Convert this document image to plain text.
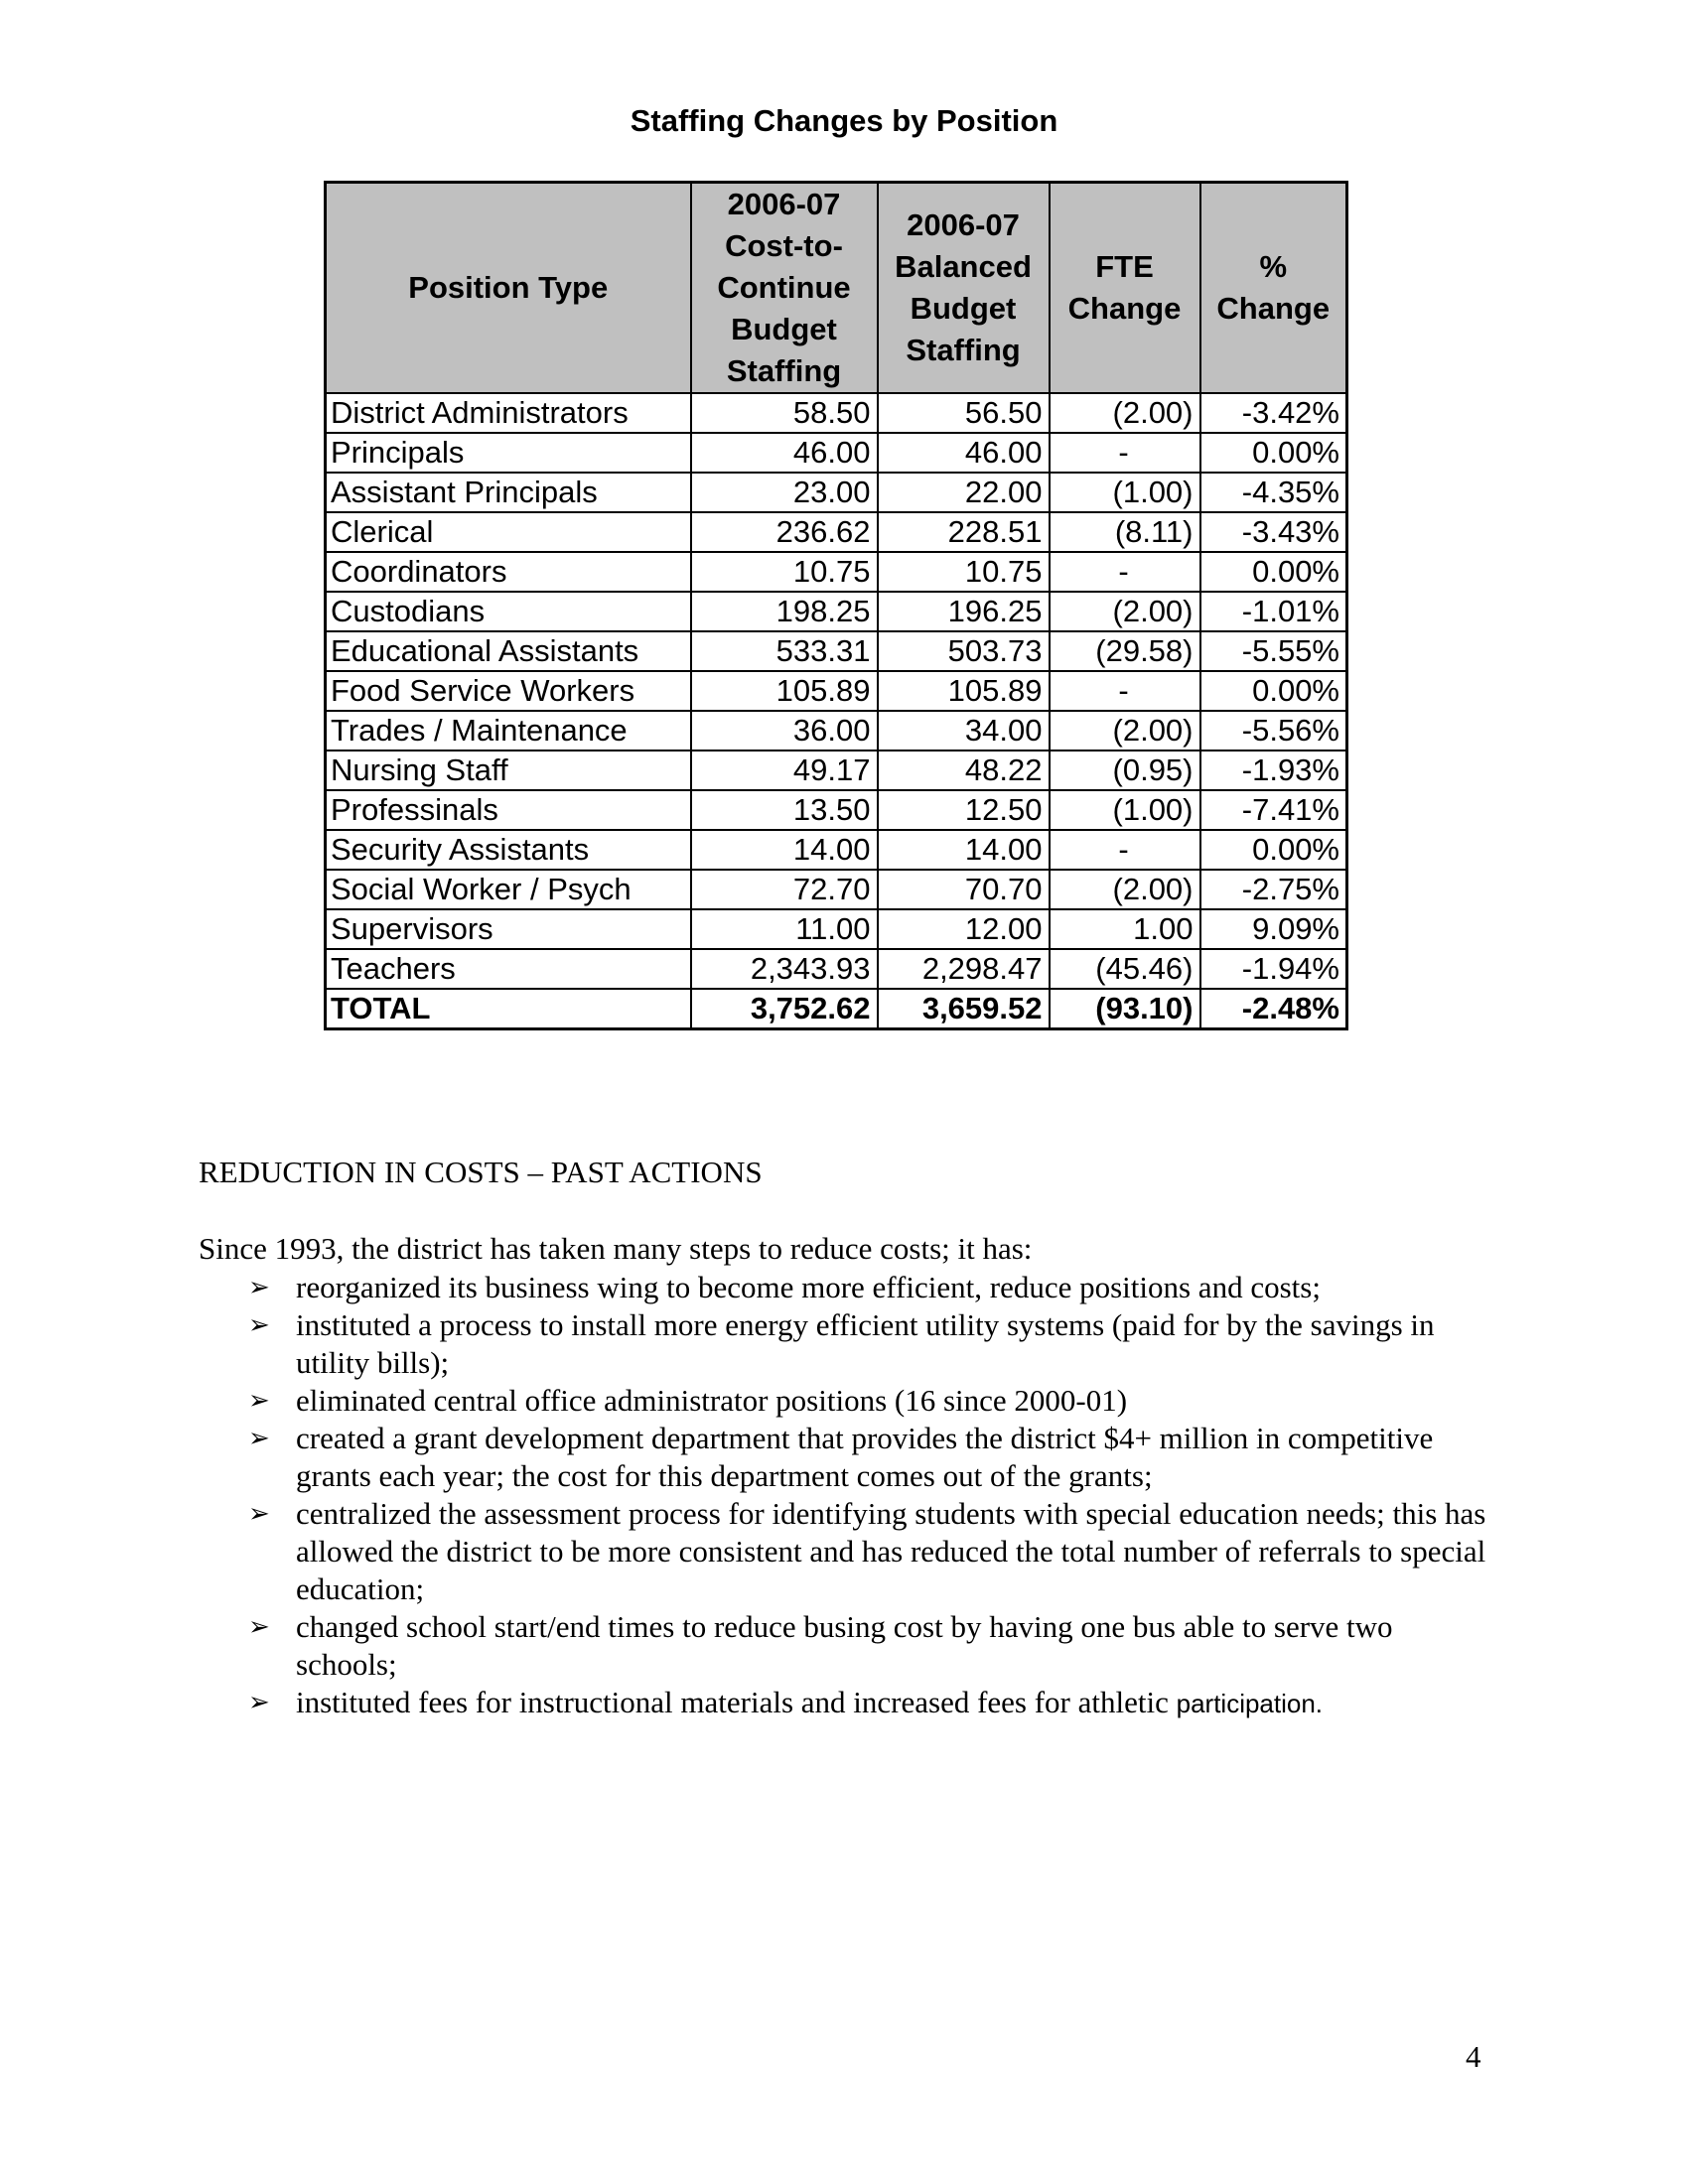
Staffing Changes by Position
Position Type	2006-07 Cost-to-Continue Budget Staffing	2006-07 Balanced Budget Staffing	FTE Change	% Change
District Administrators	58.50	56.50	(2.00)	-3.42%
Principals	46.00	46.00	-	0.00%
Assistant Principals	23.00	22.00	(1.00)	-4.35%
Clerical	236.62	228.51	(8.11)	-3.43%
Coordinators	10.75	10.75	-	0.00%
Custodians	198.25	196.25	(2.00)	-1.01%
Educational Assistants	533.31	503.73	(29.58)	-5.55%
Food Service Workers	105.89	105.89	-	0.00%
Trades / Maintenance	36.00	34.00	(2.00)	-5.56%
Nursing Staff	49.17	48.22	(0.95)	-1.93%
Professinals	13.50	12.50	(1.00)	-7.41%
Security Assistants	14.00	14.00	-	0.00%
Social Worker / Psych	72.70	70.70	(2.00)	-2.75%
Supervisors	11.00	12.00	1.00	9.09%
Teachers	2,343.93	2,298.47	(45.46)	-1.94%
TOTAL	3,752.62	3,659.52	(93.10)	-2.48%
REDUCTION IN COSTS – PAST ACTIONS
Since 1993, the district has taken many steps to reduce costs; it has:
➢ reorganized its business wing to become more efficient, reduce positions and costs;
➢ instituted a process to install more energy efficient utility systems (paid for by the savings in utility bills);
➢ eliminated central office administrator positions (16 since 2000-01)
➢ created a grant development department that provides the district $4+ million in competitive grants each year; the cost for this department comes out of the grants;
➢ centralized the assessment process for identifying students with special education needs; this has allowed the district to be more consistent and has reduced the total number of referrals to special education;
➢ changed school start/end times to reduce busing cost by having one bus able to serve two schools;
➢ instituted fees for instructional materials and increased fees for athletic participation.
4
